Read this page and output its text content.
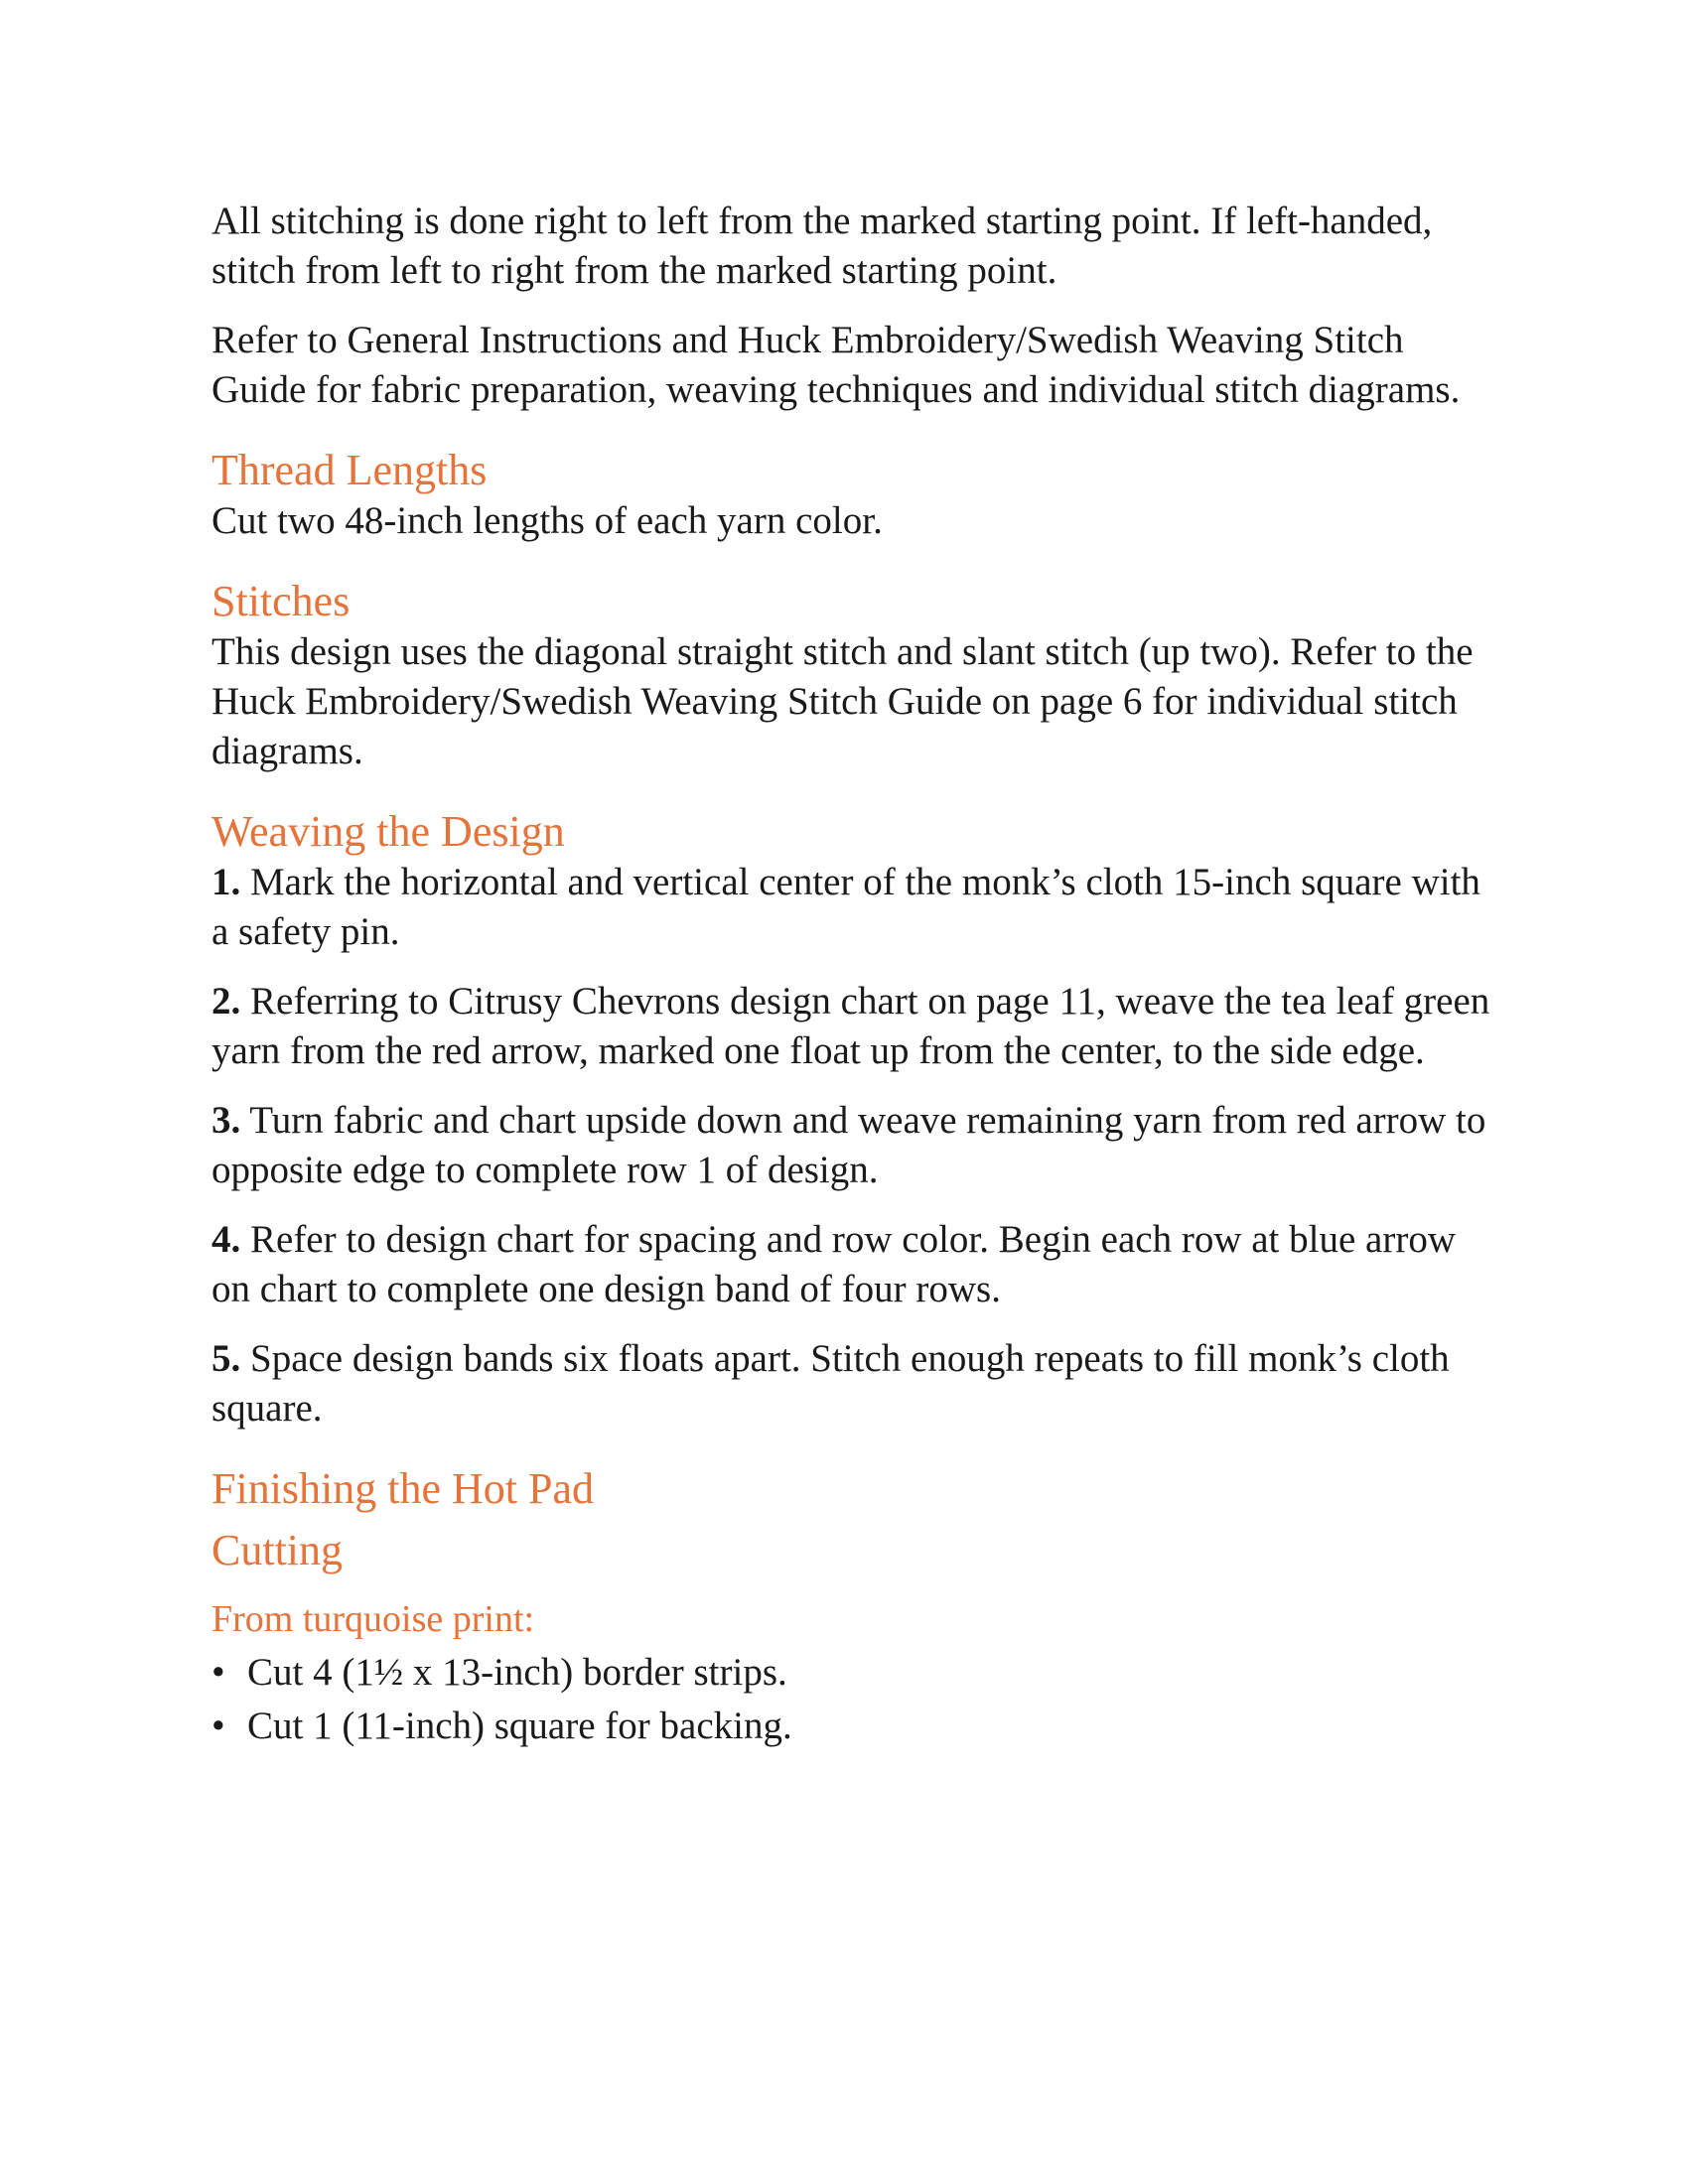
All stitching is done right to left from the marked starting point. If left-handed, stitch from left to right from the marked starting point.

Refer to General Instructions and Huck Embroidery/Swedish Weaving Stitch Guide for fabric preparation, weaving techniques and individual stitch diagrams.

Thread Lengths

Cut two 48-inch lengths of each yarn color.

Stitches

This design uses the diagonal straight stitch and slant stitch (up two). Refer to the Huck Embroidery/Swedish Weaving Stitch Guide on page 6 for individual stitch diagrams.

Weaving the Design

1. Mark the horizontal and vertical center of the monk’s cloth 15-inch square with a safety pin.

2. Referring to Citrusy Chevrons design chart on page 11, weave the tea leaf green yarn from the red arrow, marked one float up from the center, to the side edge.

3. Turn fabric and chart upside down and weave remaining yarn from red arrow to opposite edge to complete row 1 of design.

4. Refer to design chart for spacing and row color. Begin each row at blue arrow on chart to complete one design band of four rows.

5. Space design bands six floats apart. Stitch enough repeats to fill monk’s cloth square.

Finishing the Hot Pad
Cutting
From turquoise print:
• Cut 4 (1½ x 13-inch) border strips.
• Cut 1 (11-inch) square for backing.
